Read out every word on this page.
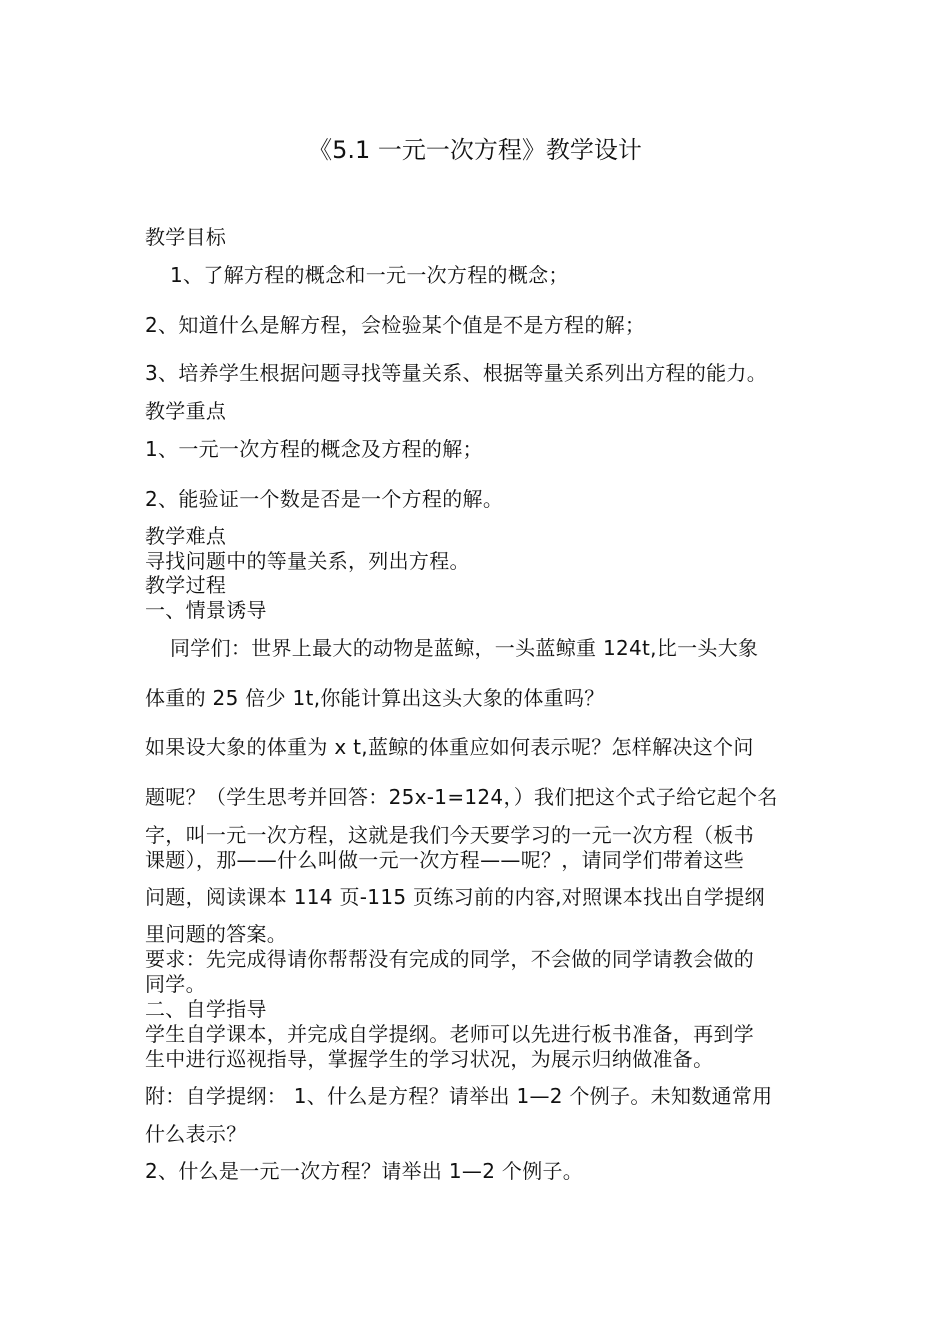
《5.1 一元一次方程》教学设计
教学目标
1、了解方程的概念和一元一次方程的概念；
2、知道什么是解方程，会检验某个值是不是方程的解；
3、培养学生根据问题寻找等量关系、根据等量关系列出方程的能力。
教学重点
1、一元一次方程的概念及方程的解；
2、能验证一个数是否是一个方程的解。
教学难点
寻找问题中的等量关系，列出方程。
教学过程
一、情景诱导
同学们：世界上最大的动物是蓝鲸，一头蓝鲸重 124t,比一头大象
体重的 25 倍少 1t,你能计算出这头大象的体重吗？
如果设大象的体重为 x t,蓝鲸的体重应如何表示呢？怎样解决这个问
题呢？（学生思考并回答：25x-1=124，）我们把这个式子给它起个名
字，叫一元一次方程，这就是我们今天要学习的一元一次方程（板书
课题），那——什么叫做一元一次方程——呢？，请同学们带着这些
问题，阅读课本 114 页-115 页练习前的内容,对照课本找出自学提纲
里问题的答案。
要求：先完成得请你帮帮没有完成的同学，不会做的同学请教会做的
同学。
二、自学指导
学生自学课本，并完成自学提纲。老师可以先进行板书准备，再到学
生中进行巡视指导，掌握学生的学习状况，为展示归纳做准备。
附：自学提纲： 1、什么是方程？请举出 1—2 个例子。未知数通常用
什么表示？
2、什么是一元一次方程？请举出 1—2 个例子。
